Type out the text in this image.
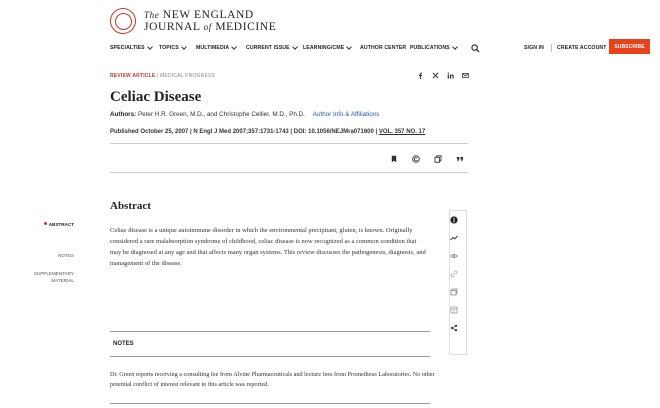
The NEW ENGLAND
JOURNAL of MEDICINE
SPECIALTIES	TOPICS	MULTIMEDIA	CURRENT ISSUE	LEARNING/CME	AUTHOR CENTER PUBLICATIONS	SIGN IN CREATE ACCOUNT SUBSCRIBE
REVIEW ARTICLE | MEDICAL PROGRESS
Celiac Disease
Authors: Peter H.R. Green, M.D., and Christophe Cellier, M.D., Ph.D. Author Info & Affiliations
Published October 25, 2007 | N Engl J Med 2007;357:1731-1743 | DOI: 10.1056/NEJMra071600 | VOL. 357 NO. 17
ABSTRACT
NOTES
SUPPLEMENTARY
MATERIAL
Abstract

Celiac disease is a unique autoimmune disorder in which the environmental precipitant, gluten, is known. Originally considered a rare malabsorption syndrome of childhood, celiac disease is now recognized as a common condition that may be diagnosed at any age and that affects many organ systems. This review discusses the pathogenesis, diagnosis, and management of the disease.

NOTES

Dr. Green reports receiving a consulting fee from Alvine Pharmaceuticals and lecture fees from Prometheus Laboratories. No other potential conflict of interest relevant to this article was reported.
